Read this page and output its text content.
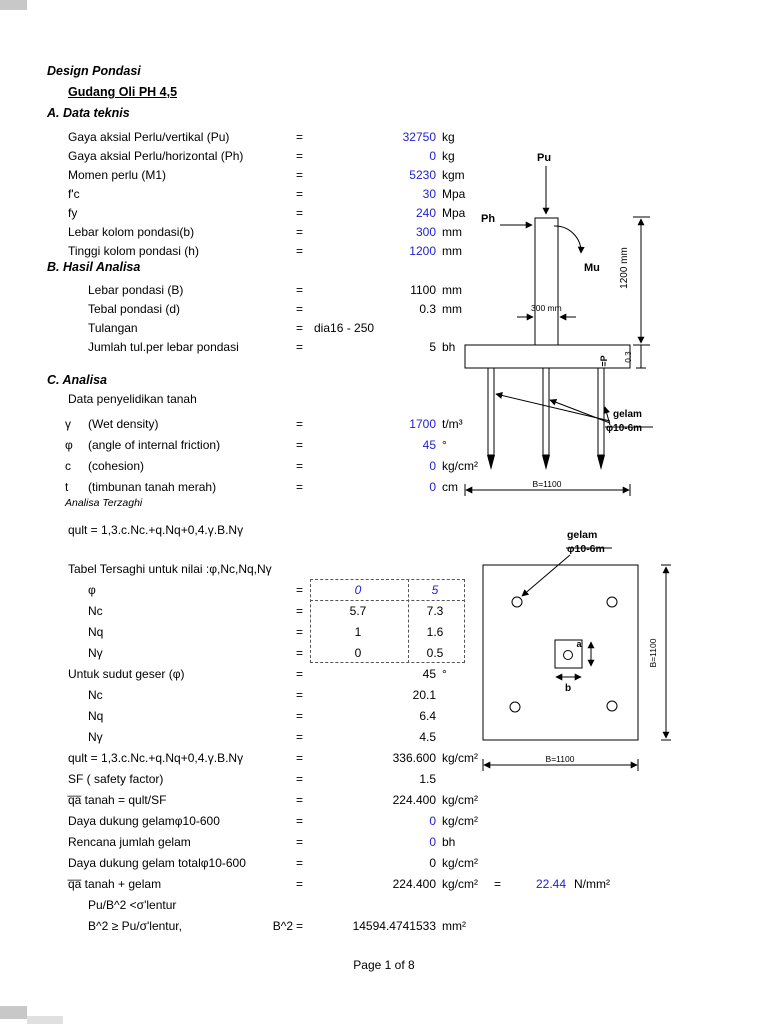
Design Pondasi
Gudang Oli PH 4,5
A. Data teknis
Gaya aksial Perlu/vertikal (Pu)	=	32750 kg
Gaya aksial Perlu/horizontal (Ph)	=	0 kg
Momen perlu (M1)	=	5230 kgm
f'c	=	30 Mpa
fy	=	240 Mpa
Lebar kolom pondasi(b)	=	300 mm
Tinggi kolom pondasi (h)	=	1200 mm
B. Hasil Analisa
Lebar pondasi (B)	=	1100 mm
Tebal pondasi (d)	=	0.3 mm
Tulangan	= dia16 - 250
Jumlah tul.per lebar pondasi	=	5 bh
C. Analisa
Data penyelidikan tanah
γ	(Wet density)	=	1700 t/m³
φ	(angle of internal friction)	=	45 °
c	(cohesion)	=	0 kg/cm²
t	(timbunan tanah merah)	=	0 cm
Analisa Terzaghi
qult = 1,3.c.Nc.+q.Nq+0,4.γ.B.Nγ
Tabel Tersaghi untuk nilai :φ,Nc,Nq,Nγ
φ	=	0	5
Nc	=	5.7	7.3
Nq	=	1	1.6
Nγ	=	0	0.5
Untuk sudut geser (φ)	=	45 °
Nc	=	20.1
Nq	=	6.4
Nγ	=	4.5
qult = 1,3.c.Nc.+q.Nq+0,4.γ.B.Nγ	=	336.600 kg/cm²
SF ( safety factor)	=	1.5
q̅a̅ tanah = qult/SF	=	224.400 kg/cm²
Daya dukung gelamφ10-600	=	0 kg/cm²
Rencana jumlah gelam	=	0 bh
Daya dukung gelam totalφ10-600	=	0 kg/cm²
q̅a̅ tanah + gelam	=	224.400 kg/cm² =	22.44 N/mm²
Pu/B^2 <σ'lentur
B^2 ≥ Pu/σ'lentur,	B^2 =	14594.4741533 mm²
Pu
Ph
Mu 1200 mm
300 mm
=P 0.3
gelam
φ10-6m
B=1100
gelam
φ10-6m
a
b
B=1100
B=1100
Page 1 of 8
